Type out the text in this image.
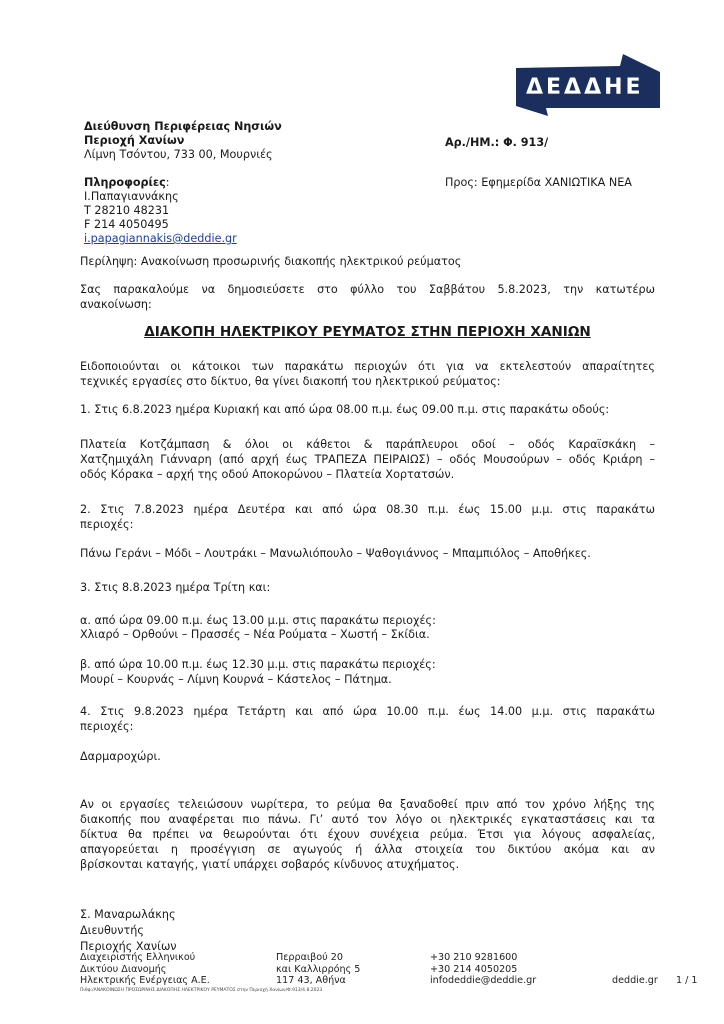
ΔΕΔΔΗΕ
Διεύθυνση Περιφέρειας Νησιών
Περιοχή Χανίων
Λίμνη Τσόντου, 733 00, Μουρνιές
Αρ./ΗΜ.: Φ. 913/
Πληροφορίες:
Ι.Παπαγιαννάκης
Τ 28210 48231
F 214 4050495
i.papagiannakis@deddie.gr
Προς: Εφημερίδα ΧΑΝΙΩΤΙΚΑ ΝΕΑ
Περίληψη: Ανακοίνωση προσωρινής διακοπής ηλεκτρικού ρεύματος
Σας παρακαλούμε να δημοσιεύσετε στο φύλλο του Σαββάτου 5.8.2023, την κατωτέρω
ανακοίνωση:
ΔΙΑΚΟΠΗ ΗΛΕΚΤΡΙΚΟΥ ΡΕΥΜΑΤΟΣ ΣΤΗΝ ΠΕΡΙΟΧΗ ΧΑΝΙΩΝ
Ειδοποιούνται οι κάτοικοι των παρακάτω περιοχών ότι για να εκτελεστούν απαραίτητες
τεχνικές εργασίες στο δίκτυο, θα γίνει διακοπή του ηλεκτρικού ρεύματος:
1. Στις 6.8.2023 ημέρα Κυριακή και από ώρα 08.00 π.μ. έως 09.00 π.μ. στις παρακάτω οδούς:
Πλατεία Κοτζάμπαση & όλοι οι κάθετοι & παράπλευροι οδοί – οδός Καραϊσκάκη –
Χατζημιχάλη Γιάνναρη (από αρχή έως ΤΡΑΠΕΖΑ ΠΕΙΡΑΙΩΣ) – οδός Μουσούρων – οδός Κριάρη –
οδός Κόρακα – αρχή της οδού Αποκορώνου – Πλατεία Χορτατσών.
2. Στις 7.8.2023 ημέρα Δευτέρα και από ώρα 08.30 π.μ. έως 15.00 μ.μ. στις παρακάτω
περιοχές:
Πάνω Γεράνι – Μόδι – Λουτράκι – Μανωλιόπουλο – Ψαθογιάννος – Μπαμπιόλος – Αποθήκες.
3. Στις 8.8.2023 ημέρα Τρίτη και:
α. από ώρα 09.00 π.μ. έως 13.00 μ.μ. στις παρακάτω περιοχές:
Χλιαρό – Ορθούνι – Πρασσές – Νέα Ρούματα – Χωστή – Σκίδια.
β. από ώρα 10.00 π.μ. έως 12.30 μ.μ. στις παρακάτω περιοχές:
Μουρί – Κουρνάς – Λίμνη Κουρνά – Κάστελος – Πάτημα.
4. Στις 9.8.2023 ημέρα Τετάρτη και από ώρα 10.00 π.μ. έως 14.00 μ.μ. στις παρακάτω
περιοχές:
Δαρμαροχώρι.
Αν οι εργασίες τελειώσουν νωρίτερα, το ρεύμα θα ξαναδοθεί πριν από τον χρόνο λήξης της
διακοπής που αναφέρεται πιο πάνω. Γι’ αυτό τον λόγο οι ηλεκτρικές εγκαταστάσεις και τα
δίκτυα θα πρέπει να θεωρούνται ότι έχουν συνέχεια ρεύμα. Έτσι για λόγους ασφαλείας,
απαγορεύεται η προσέγγιση σε αγωγούς ή άλλα στοιχεία του δικτύου ακόμα και αν
βρίσκονται καταγής, γιατί υπάρχει σοβαρός κίνδυνος ατυχήματος.
Σ. Μαναρωλάκης
Διευθυντής
Περιοχής Χανίων
Διαχειριστής Ελληνικού
Δικτύου Διανομής
Ηλεκτρικής Ενέργειας Α.Ε.
Περραιβού 20
και Καλλιρρόης 5
117 43, Αθήνα
+30 210 9281600
+30 214 4050205
infodeddie@deddie.gr	deddie.gr 1 / 1
Πιθφ:/ΑΝΑΚΟΙΝΩΣΗ ΠΡΟΣΩΡΙΝΗΣ ΔΙΑΚΟΠΗΣ ΗΛΕΚΤΡΙΚΟΥ ΡΕΥΜΑΤΟΣ στην Περιοχή Χανίων/Φ.913/4.8.2023
